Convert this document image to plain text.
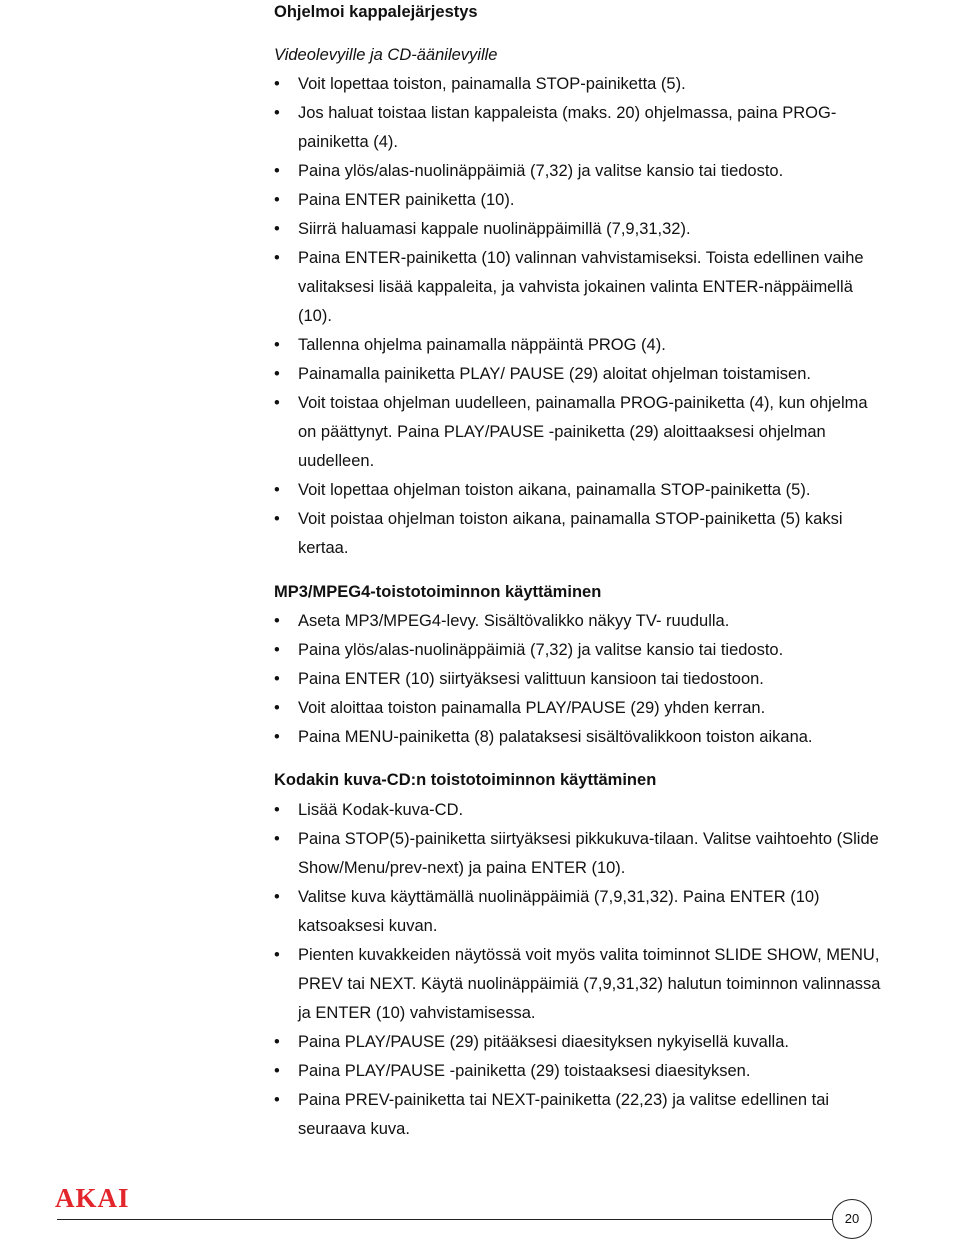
Ohjelmoi kappalejärjestys
Videolevyille ja CD-äänilevyille
•	Voit lopettaa toiston, painamalla STOP-painiketta (5).
•	Jos haluat toistaa listan kappaleista (maks. 20) ohjelmassa, paina PROG-painiketta (4).
•	Paina ylös/alas-nuolinäppäimiä (7,32) ja valitse kansio tai tiedosto.
•	Paina ENTER painiketta (10).
•	Siirrä haluamasi kappale nuolinäppäimillä (7,9,31,32).
•	Paina ENTER-painiketta (10) valinnan vahvistamiseksi. Toista edellinen vaihe valitaksesi lisää kappaleita, ja vahvista jokainen valinta ENTER-näppäimellä (10).
•	Tallenna ohjelma painamalla näppäintä PROG (4).
•	Painamalla painiketta PLAY/ PAUSE (29) aloitat ohjelman toistamisen.
•	Voit toistaa ohjelman uudelleen, painamalla PROG-painiketta (4), kun ohjelma on päättynyt. Paina PLAY/PAUSE -painiketta (29) aloittaaksesi ohjelman uudelleen.
•	Voit lopettaa ohjelman toiston aikana, painamalla STOP-painiketta (5).
•	Voit poistaa ohjelman toiston aikana, painamalla STOP-painiketta (5) kaksi kertaa.
MP3/MPEG4-toistotoiminnon käyttäminen
•	Aseta MP3/MPEG4-levy. Sisältövalikko näkyy TV- ruudulla.
•	Paina ylös/alas-nuolinäppäimiä (7,32) ja valitse kansio tai tiedosto.
•	Paina ENTER (10) siirtyäksesi valittuun kansioon tai tiedostoon.
•	Voit aloittaa toiston painamalla PLAY/PAUSE (29) yhden kerran.
•	Paina MENU-painiketta (8) palataksesi sisältövalikkoon toiston aikana.
Kodakin kuva-CD:n toistotoiminnon käyttäminen
•	Lisää Kodak-kuva-CD.
•	Paina STOP(5)-painiketta siirtyäksesi pikkukuva-tilaan. Valitse vaihtoehto (Slide Show/Menu/prev-next) ja paina ENTER (10).
•	Valitse kuva käyttämällä nuolinäppäimiä (7,9,31,32). Paina ENTER (10) katsoaksesi kuvan.
•	Pienten kuvakkeiden näytössä voit myös valita toiminnot SLIDE SHOW, MENU, PREV tai NEXT. Käytä nuolinäppäimiä (7,9,31,32) halutun toiminnon valinnassa ja ENTER (10) vahvistamisessa.
•	Paina PLAY/PAUSE (29) pitääksesi diaesityksen nykyisellä kuvalla.
•	Paina PLAY/PAUSE -painiketta (29) toistaaksesi diaesityksen.
•	Paina PREV-painiketta tai NEXT-painiketta (22,23) ja valitse edellinen tai seuraava kuva.
AKAI
20
